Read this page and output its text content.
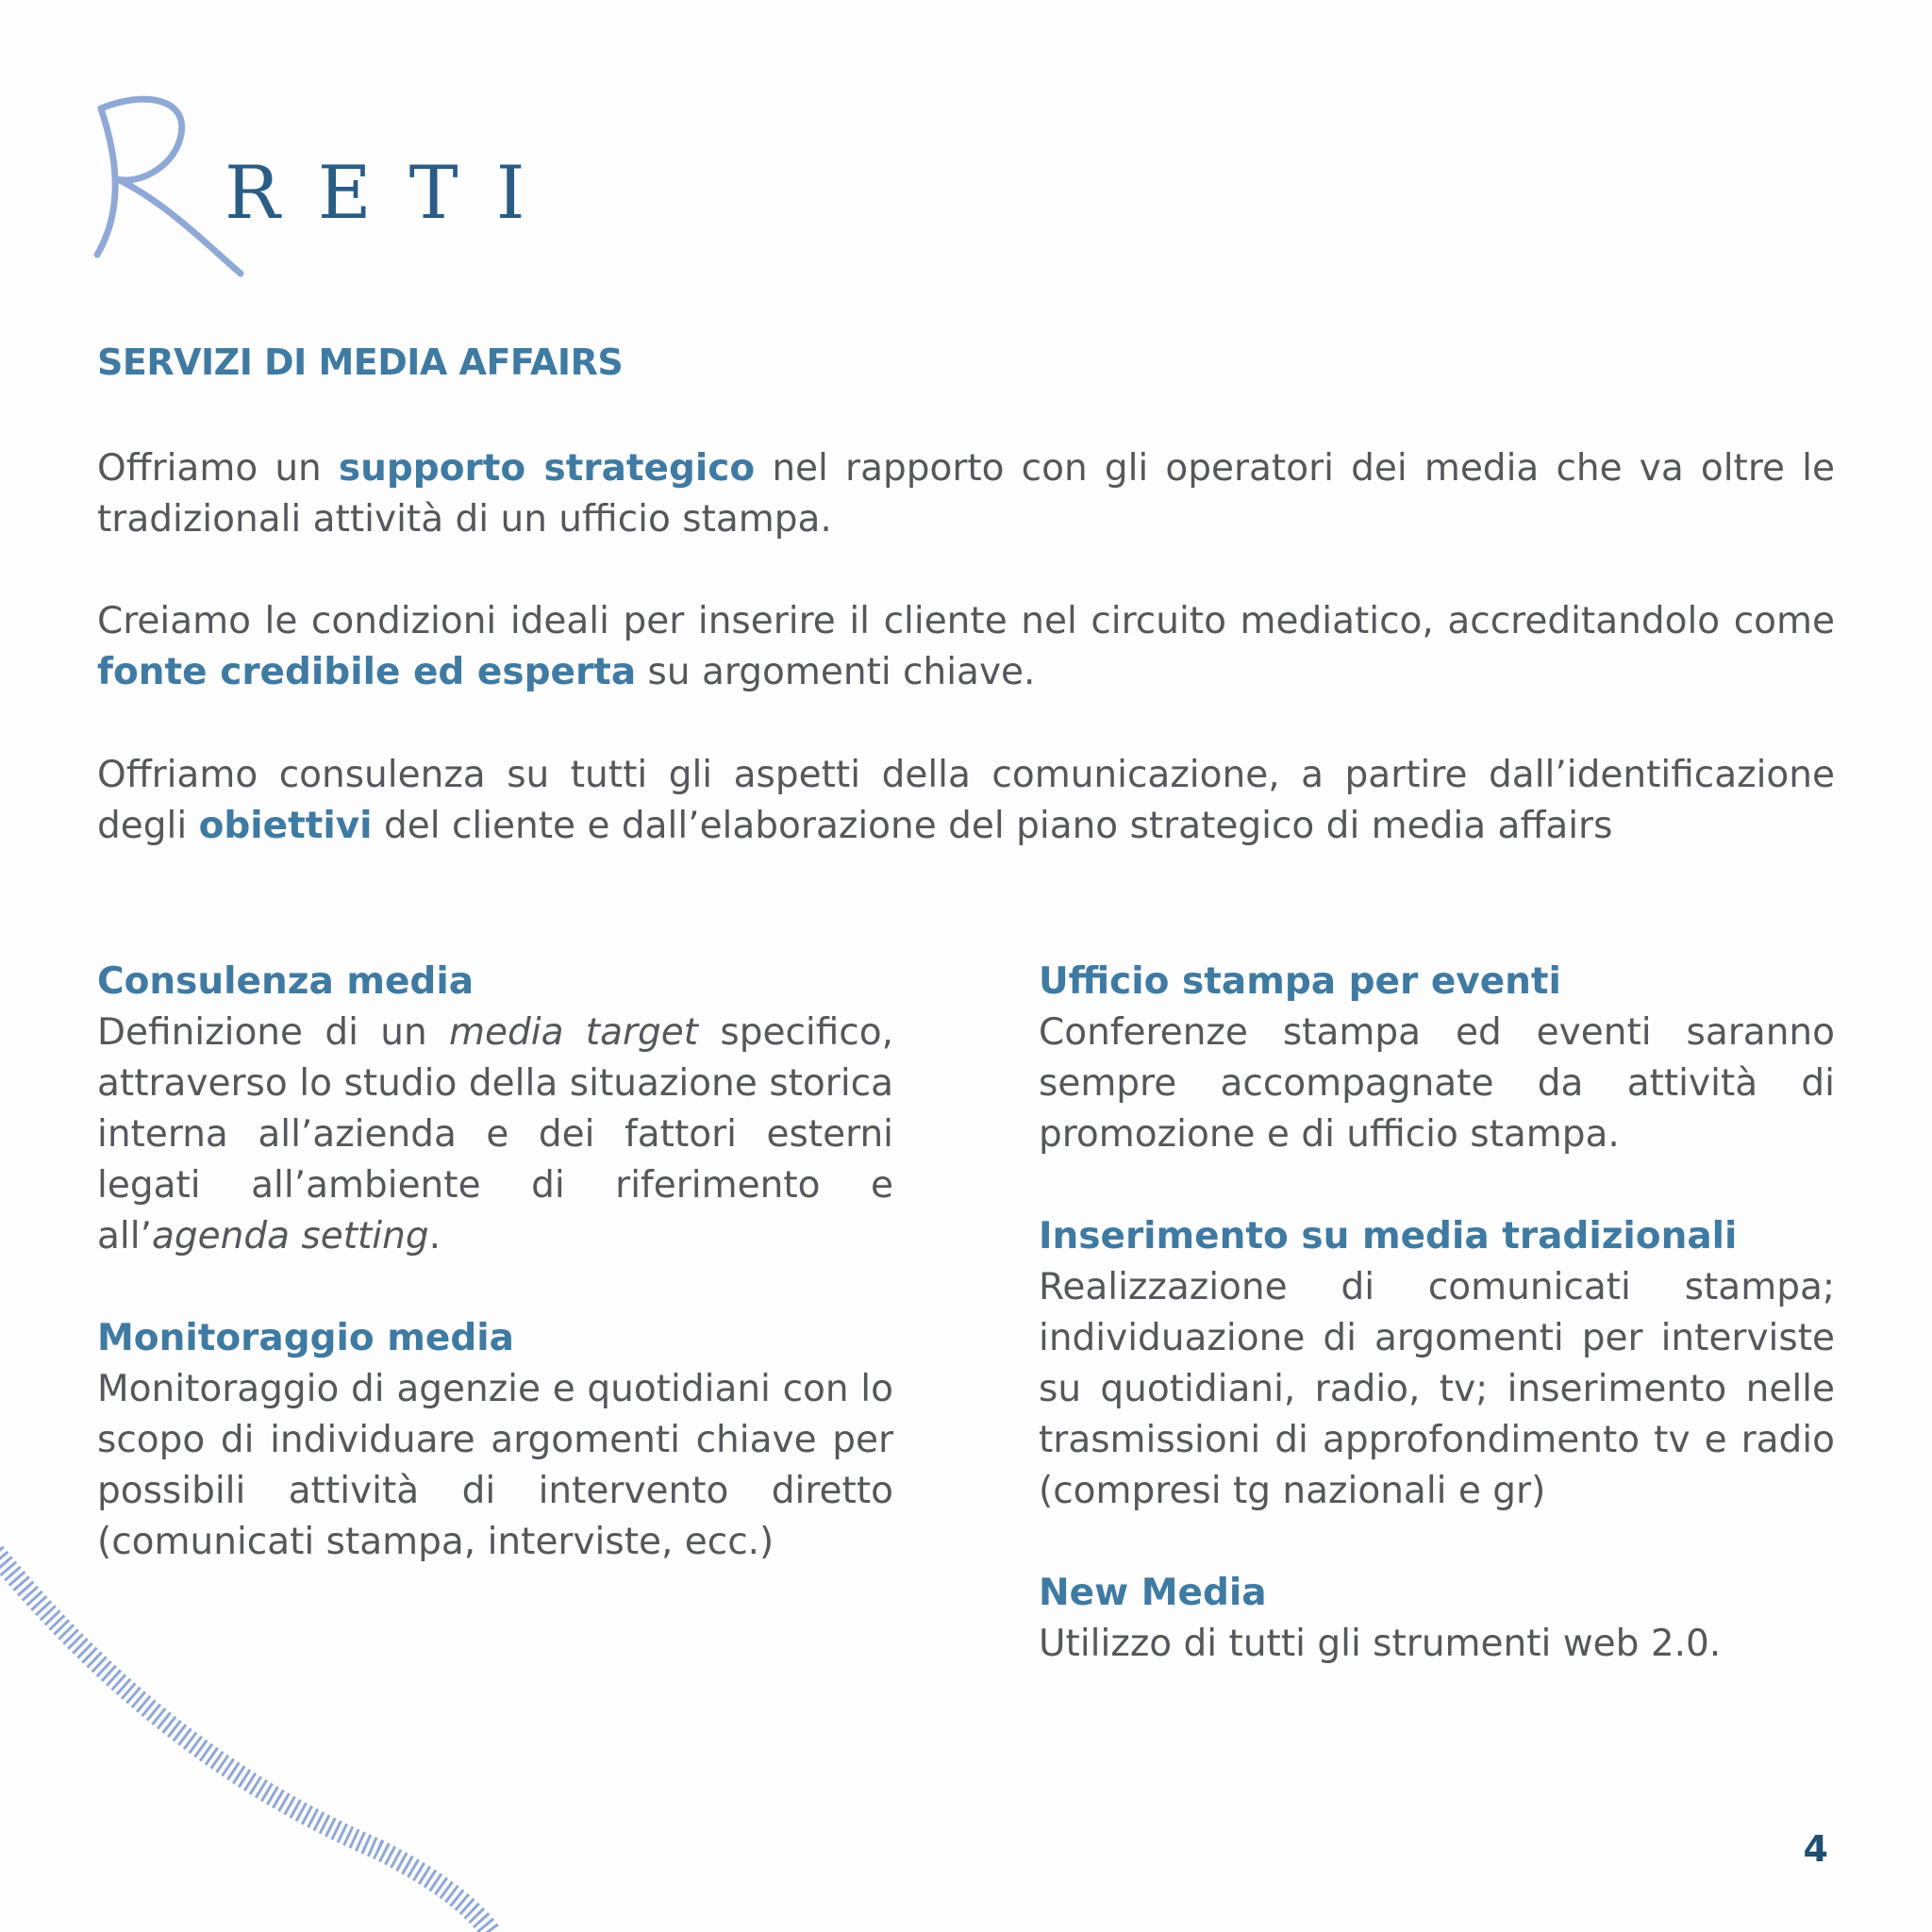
RETI
SERVIZI DI MEDIA AFFAIRS
Offriamo un supporto strategico nel rapporto con gli operatori dei media che va oltre le tradizionali attività di un ufficio stampa.
Creiamo le condizioni ideali per inserire il cliente nel circuito mediatico, accreditandolo come fonte credibile ed esperta su argomenti chiave.
Offriamo consulenza su tutti gli aspetti della comunicazione, a partire dall’identificazione degli obiettivi del cliente e dall’elaborazione del piano strategico di media affairs
Consulenza media

Definizione di un media target specifico, attraverso lo studio della situazione storica interna all’azienda e dei fattori esterni legati all’ambiente di riferimento e all’agenda setting.

Monitoraggio media

Monitoraggio di agenzie e quotidiani con lo scopo di individuare argomenti chiave per possibili attività di intervento diretto (comunicati stampa, interviste, ecc.)

Ufficio stampa per eventi

Conferenze stampa ed eventi saranno sempre accompagnate da attività di promozione e di ufficio stampa.

Inserimento su media tradizionali

Realizzazione di comunicati stampa; individuazione di argomenti per interviste su quotidiani, radio, tv; inserimento nelle trasmissioni di approfondimento tv e radio (compresi tg nazionali e gr)

New Media

Utilizzo di tutti gli strumenti web 2.0.

4
